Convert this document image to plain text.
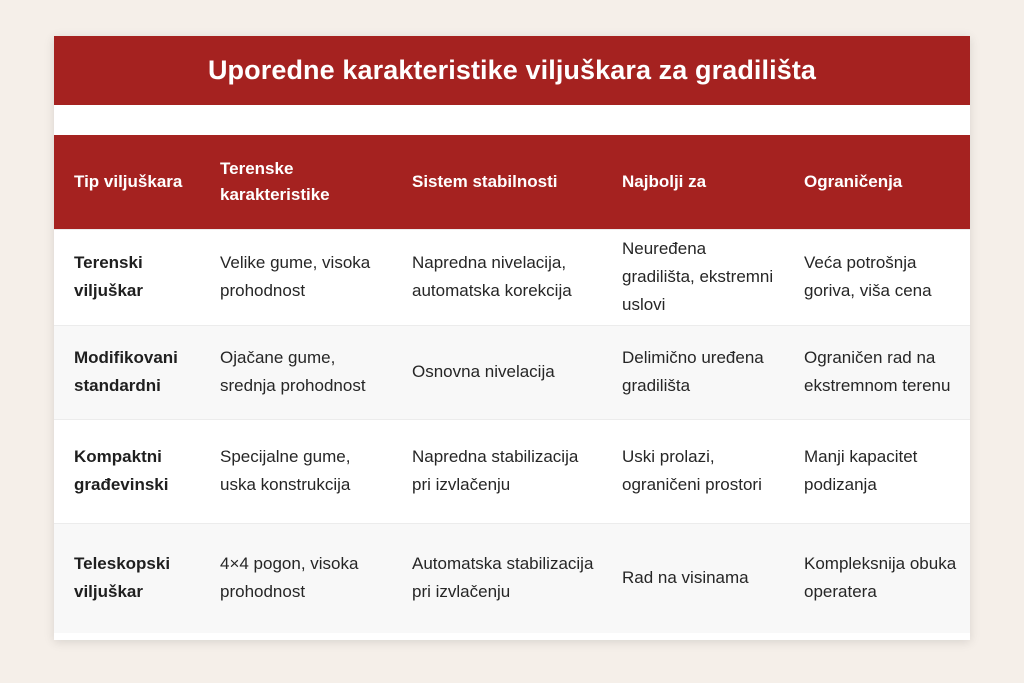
Uporedne karakteristike viljuškara za gradilišta
Tip viljuškara	Terenske karakteristike	Sistem stabilnosti	Najbolji za	Ograničenja
Terenski viljuškar	Velike gume, visoka prohodnost	Napredna nivelacija, automatska korekcija	Neuređena gradilišta, ekstremni uslovi	Veća potrošnja goriva, viša cena
Modifikovani standardni	Ojačane gume, srednja prohodnost	Osnovna nivelacija	Delimično uređena gradilišta	Ograničen rad na ekstremnom terenu
Kompaktni građevinski	Specijalne gume, uska konstrukcija	Napredna stabilizacija pri izvlačenju	Uski prolazi, ograničeni prostori	Manji kapacitet podizanja
Teleskopski viljuškar	4×4 pogon, visoka prohodnost	Automatska stabilizacija pri izvlačenju	Rad na visinama	Kompleksnija obuka operatera
